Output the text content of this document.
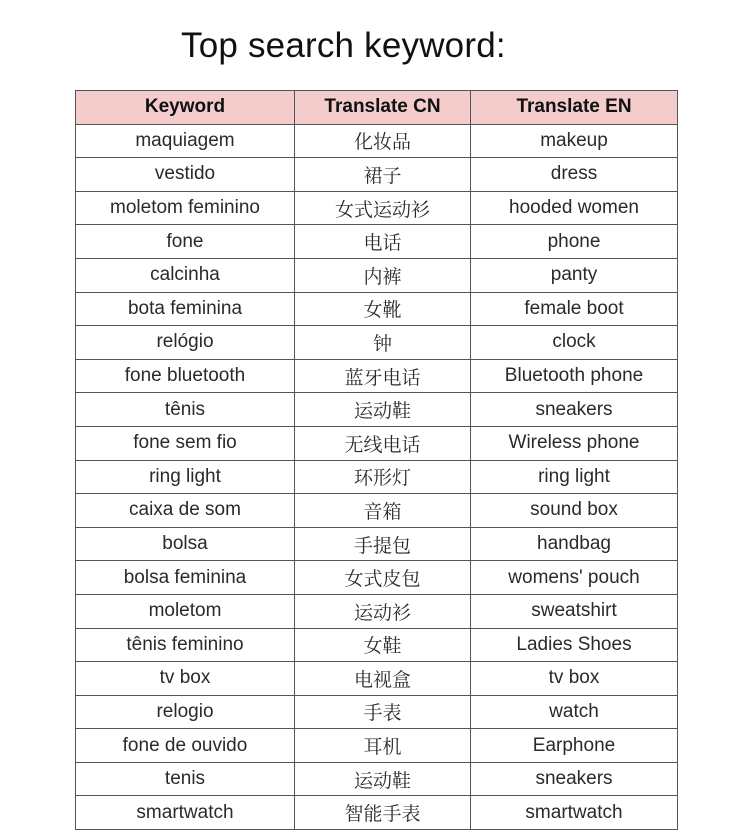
Top search keyword:
Keyword	Translate CN	Translate EN
maquiagem	化妆品	makeup
vestido	裙子	dress
moletom feminino	女式运动衫	hooded women
fone	电话	phone
calcinha	内裤	panty
bota feminina	女靴	female boot
relógio	钟	clock
fone bluetooth	蓝牙电话	Bluetooth phone
tênis	运动鞋	sneakers
fone sem fio	无线电话	Wireless phone
ring light	环形灯	ring light
caixa de som	音箱	sound box
bolsa	手提包	handbag
bolsa feminina	女式皮包	womens' pouch
moletom	运动衫	sweatshirt
tênis feminino	女鞋	Ladies Shoes
tv box	电视盒	tv box
relogio	手表	watch
fone de ouvido	耳机	Earphone
tenis	运动鞋	sneakers
smartwatch	智能手表	smartwatch
